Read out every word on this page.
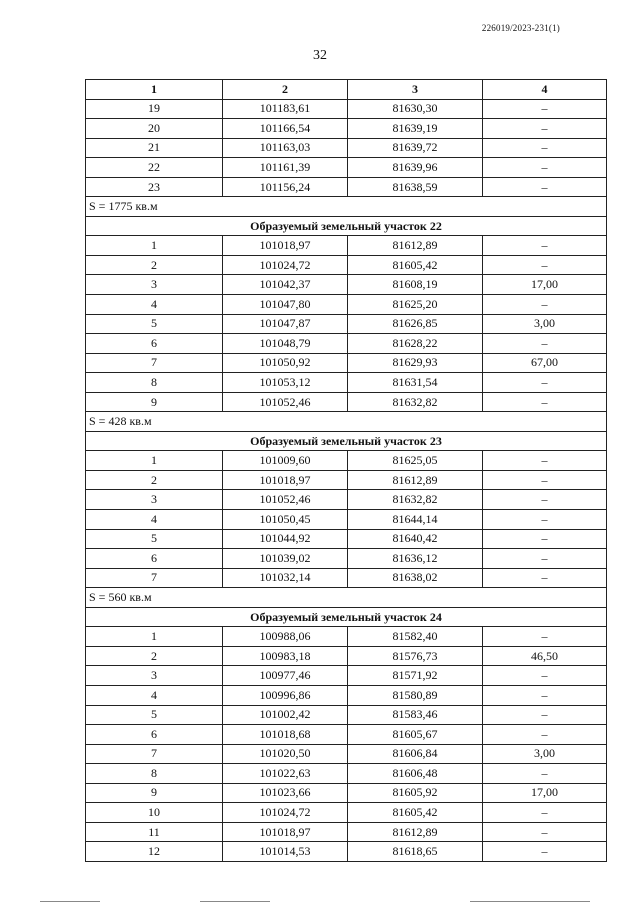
226019/2023-231(1)
32
1	2	3	4
19	101183,61	81630,30	–
20	101166,54	81639,19	–
21	101163,03	81639,72	–
22	101161,39	81639,96	–
23	101156,24	81638,59	–
S = 1775 кв.м			
Образуемый земельный участок 22			
1	101018,97	81612,89	–
2	101024,72	81605,42	–
3	101042,37	81608,19	17,00
4	101047,80	81625,20	–
5	101047,87	81626,85	3,00
6	101048,79	81628,22	–
7	101050,92	81629,93	67,00
8	101053,12	81631,54	–
9	101052,46	81632,82	–
S = 428 кв.м			
Образуемый земельный участок 23			
1	101009,60	81625,05	–
2	101018,97	81612,89	–
3	101052,46	81632,82	–
4	101050,45	81644,14	–
5	101044,92	81640,42	–
6	101039,02	81636,12	–
7	101032,14	81638,02	–
S = 560 кв.м			
Образуемый земельный участок 24			
1	100988,06	81582,40	–
2	100983,18	81576,73	46,50
3	100977,46	81571,92	–
4	100996,86	81580,89	–
5	101002,42	81583,46	–
6	101018,68	81605,67	–
7	101020,50	81606,84	3,00
8	101022,63	81606,48	–
9	101023,66	81605,92	17,00
10	101024,72	81605,42	–
11	101018,97	81612,89	–
12	101014,53	81618,65	–
